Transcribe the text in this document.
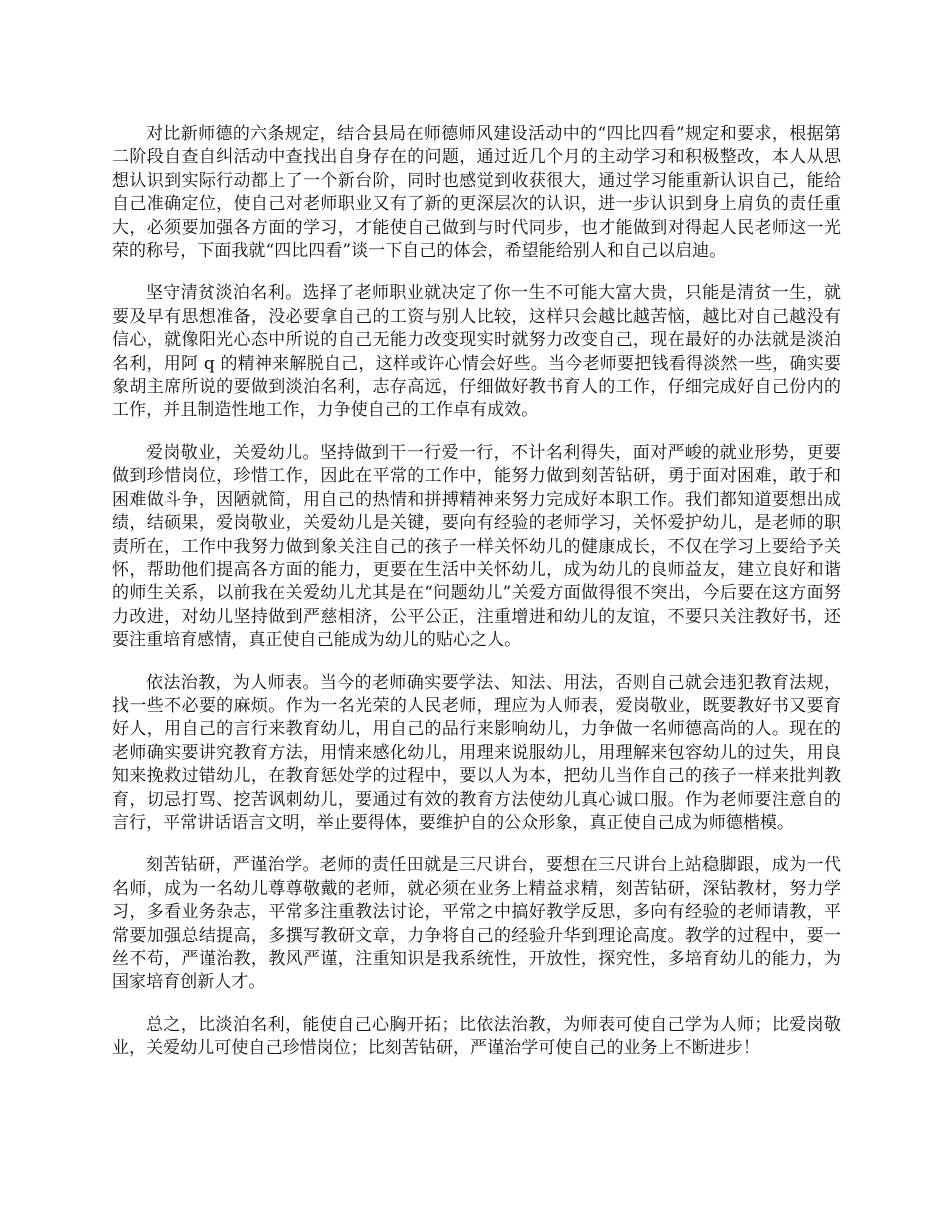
对比新师德的六条规定，结合县局在师德师风建设活动中的“四比四看”规定和要求，根据第二阶段自查自纠活动中查找出自身存在的问题，通过近几个月的主动学习和积极整改，本人从思想认识到实际行动都上了一个新台阶，同时也感觉到收获很大，通过学习能重新认识自己，能给自己准确定位，使自己对老师职业又有了新的更深层次的认识，进一步认识到身上肩负的责任重大，必须要加强各方面的学习，才能使自己做到与时代同步，也才能做到对得起人民老师这一光荣的称号，下面我就“四比四看”谈一下自己的体会，希望能给别人和自己以启迪。

坚守清贫淡泊名利。选择了老师职业就决定了你一生不可能大富大贵，只能是清贫一生，就要及早有思想准备，没必要拿自己的工资与别人比较，这样只会越比越苦恼，越比对自己越没有信心，就像阳光心态中所说的自己无能力改变现实时就努力改变自己，现在最好的办法就是淡泊名利，用阿 q 的精神来解脱自己，这样或许心情会好些。当今老师要把钱看得淡然一些，确实要象胡主席所说的要做到淡泊名利，志存高远，仔细做好教书育人的工作，仔细完成好自己份内的工作，并且制造性地工作，力争使自己的工作卓有成效。

爱岗敬业，关爱幼儿。坚持做到干一行爱一行，不计名利得失，面对严峻的就业形势，更要做到珍惜岗位，珍惜工作，因此在平常的工作中，能努力做到刻苦钻研，勇于面对困难，敢于和困难做斗争，因陋就简，用自己的热情和拼搏精神来努力完成好本职工作。我们都知道要想出成绩，结硕果，爱岗敬业，关爱幼儿是关键，要向有经验的老师学习，关怀爱护幼儿，是老师的职责所在，工作中我努力做到象关注自己的孩子一样关怀幼儿的健康成长，不仅在学习上要给予关怀，帮助他们提高各方面的能力，更要在生活中关怀幼儿，成为幼儿的良师益友，建立良好和谐的师生关系，以前我在关爱幼儿尤其是在“问题幼儿”关爱方面做得很不突出，今后要在这方面努力改进，对幼儿坚持做到严慈相济，公平公正，注重增进和幼儿的友谊，不要只关注教好书，还要注重培育感情，真正使自己能成为幼儿的贴心之人。

依法治教，为人师表。当今的老师确实要学法、知法、用法，否则自己就会违犯教育法规，找一些不必要的麻烦。作为一名光荣的人民老师，理应为人师表，爱岗敬业，既要教好书又要育好人，用自己的言行来教育幼儿，用自己的品行来影响幼儿，力争做一名师德高尚的人。现在的老师确实要讲究教育方法，用情来感化幼儿，用理来说服幼儿，用理解来包容幼儿的过失，用良知来挽救过错幼儿，在教育惩处学的过程中，要以人为本，把幼儿当作自己的孩子一样来批判教育，切忌打骂、挖苦讽刺幼儿，要通过有效的教育方法使幼儿真心诚口服。作为老师要注意自的言行，平常讲话语言文明，举止要得体，要维护自的公众形象，真正使自己成为师德楷模。

刻苦钻研，严谨治学。老师的责任田就是三尺讲台，要想在三尺讲台上站稳脚跟，成为一代名师，成为一名幼儿尊尊敬戴的老师，就必须在业务上精益求精，刻苦钻研，深钻教材，努力学习，多看业务杂志，平常多注重教法讨论，平常之中搞好教学反思，多向有经验的老师请教，平常要加强总结提高，多撰写教研文章，力争将自己的经验升华到理论高度。教学的过程中，要一丝不苟，严谨治教，教风严谨，注重知识是我系统性，开放性，探究性，多培育幼儿的能力，为国家培育创新人才。

总之，比淡泊名利，能使自己心胸开拓；比依法治教，为师表可使自己学为人师；比爱岗敬业，关爱幼儿可使自己珍惜岗位；比刻苦钻研，严谨治学可使自己的业务上不断进步！
